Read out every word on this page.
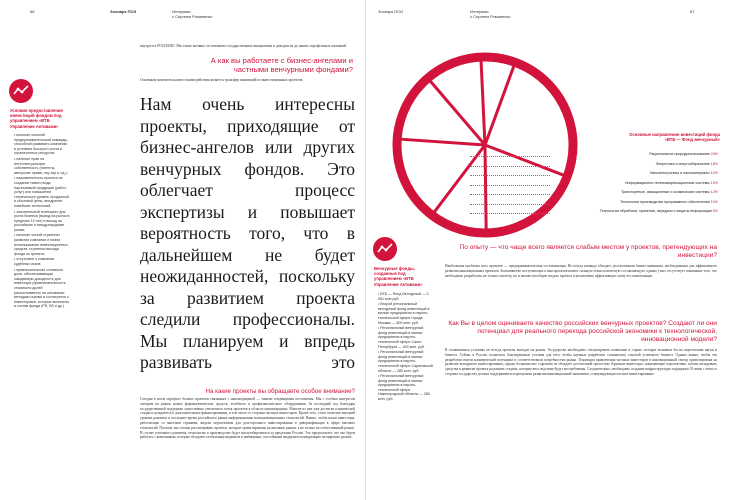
66	Зоопарк ПСИ	Интервью
с Сергеем Романенко
внутри и в РОСНАНО. Мы также активно отслеживаем государственные инициативы и доводим их до наших портфельных компаний.
А как вы работаете с бизнес-ангелами и частными венчурными фондами?
Основным моментом нашего взаимодействия является трансфер инноваций из инвестиционных проектов.
Нам очень интересны проекты, приходящие от бизнес-ангелов или других венчурных фондов. Это облегчает процесс экспертизы и повышает вероятность того, что в дальнейшем не будет неожиданностей, поскольку за развитием проекта следили профессионалы. Мы планируем и впредь развивать это
На какие проекты вы обращаете особое внимание?
Сегодня в моем портфеле больше проектов связанных с наномедициной — такими тенденциями поставлены. Мы с особым интересом смотрим на рынок новых фармацевтических средств, лечебного и профилактического оборудования. За последний год благодаря государственной поддержке существенно увеличился поток проектов в области наномедицины. Многие из них уже достигли клинической стадии и нуждаются в дополнительном финансировании, в том числе со стороны частных инвесторов. Кроме того, стоит отметить высокий уровень развития в последнее время российского рынка информационно-коммуникационных технологий. Важно, чтобы наши инвесторы, работающие со многими странами, видели перспективы для долгосрочного инвестирования и диверсификации в сфере высоких технологий. Поэтому мы готовы рассматривать проекты, которые ориентированы на внешние рынки, а не только на отечественный рынок. В случае успешного развития, технологии и производство будут масштабироваться за пределами России. Это предполагает, что мы будем работать с компаниями, которые обладают глобальным видением и амбициями, способными выдержать конкуренцию на мировом уровне.
Условия предоставления инвестиций фондом под управлением «ВТБ Управление Активами»
• наличие сильной предпринимательской команды, способной развивать компанию в условиях быстрого роста и ограниченных ресурсов;
• наличие прав на интеллектуальную собственность (патенты, авторские права, ноу-хау и т.д.);
• направленность проекта на создание нового вида научноемкой продукции (работ, услуг) или повышение технического уровня, продажной и сбытовой цены, внедрение новейших технологий;
• значительный потенциал для роста бизнеса (выход на рынок в пределах 10 лет) и выход на российские и международные рынки;
• наличие четкой стратегии развития компании и плана использования инвестиционных средств, стратегии выхода фонда из проекта;
• отсутствие у компании судебных исков;
• привлекательная стоимость доли, обеспечивающая ожидаемую доходность для инвестора (привлекательность стоимости долей рассчитывается на основании методики оценки и согласуется с инвесторами, которые включены в состав фонда (РЯ, ВЛ и др.).
Зоопарк ПСИ	Интервью
с Сергеем Романенко
67
Основные направления инвестиций фонда «ВТБ — Фонд венчурный»
Рациональное природопользование 24%
Энергетика и энергосбережение 18%
Наноэлектроника и наноматериалы 10%
Информационно-телекоммуникационные системы 15%
Транспортные, авиационные и космические системы 12%
Технология производства программного обеспечения 10%
Технологии обработки, хранения, передачи и защиты информации 6%
Венчурные фонды, созданные под управлением «ВТБ Управление Активами»
• ВТБ — Фонд Венчурный — 3 061 млн руб.
• Второй региональный венчурный фонд инвестиций в малые предприятия в научно-технической сфере города Москвы — 800 млн. руб.
• Региональный венчурный фонд инвестиций в малые предприятия в научно-технической сфере Санкт-Петербурга — 400 млн. руб.
• Региональный венчурный фонд инвестиций в малые предприятия в научно-технической сфере Саратовской области — 280 млн. руб.
• Региональный венчурный фонд инвестиций в малые предприятия в научно-технической сфере Нижегородской области — 280 млн. руб.
По опыту — что чаще всего является слабым местом у проектов, претендующих на инвестиции?
Наибольшая проблема всех проектов — предпринимательская составляющая. Не всегда команда обладает достаточными бизнес-навыками, необходимыми для эффективного развития инновационных проектов. Большинство поступающих к нам проектов имеют сильную технологическую составляющую, однако у них отсутствует понимание того, что необходимо разработать не только гипотезу, но и жизнеспособную модель проекта и реализовать эффективную схему его монетизации.
Как Вы в целом оцениваете качество российских венчурных проектов? Создают ли они потенциал для реального перехода российской экономики к технологической, инновационной модели?
В сложившихся условиях не всегда проекты выходят на рынок. Государство необходимо стимулировать появление в стране, которые возникли бы на пересечении науки и бизнеса. Сейчас в России сложились благоприятные условия для того, чтобы научные разработки становились основой успешного бизнеса. Однако важно, чтобы эти разработки имели коммерческий потенциал и соответствовали потребностям рынка. Тенденция привлечения частных инвесторов в инновационный сектор ориентирована на развитие венчурного инвестирования, однако большинство стартапов не обладает достаточной зрелостью. Крупные инвесторы, понимающие перспективы, готовы вкладывать средства в развитие проекта на ранних стадиях, которые впоследствии будут востребованы. Следовательно, необходимо создание инфраструктуры поддержки. В связи с этим со стороны государства должна поддерживаться программа развития инновационной экономики, стимулирующая частное инвестирование.
